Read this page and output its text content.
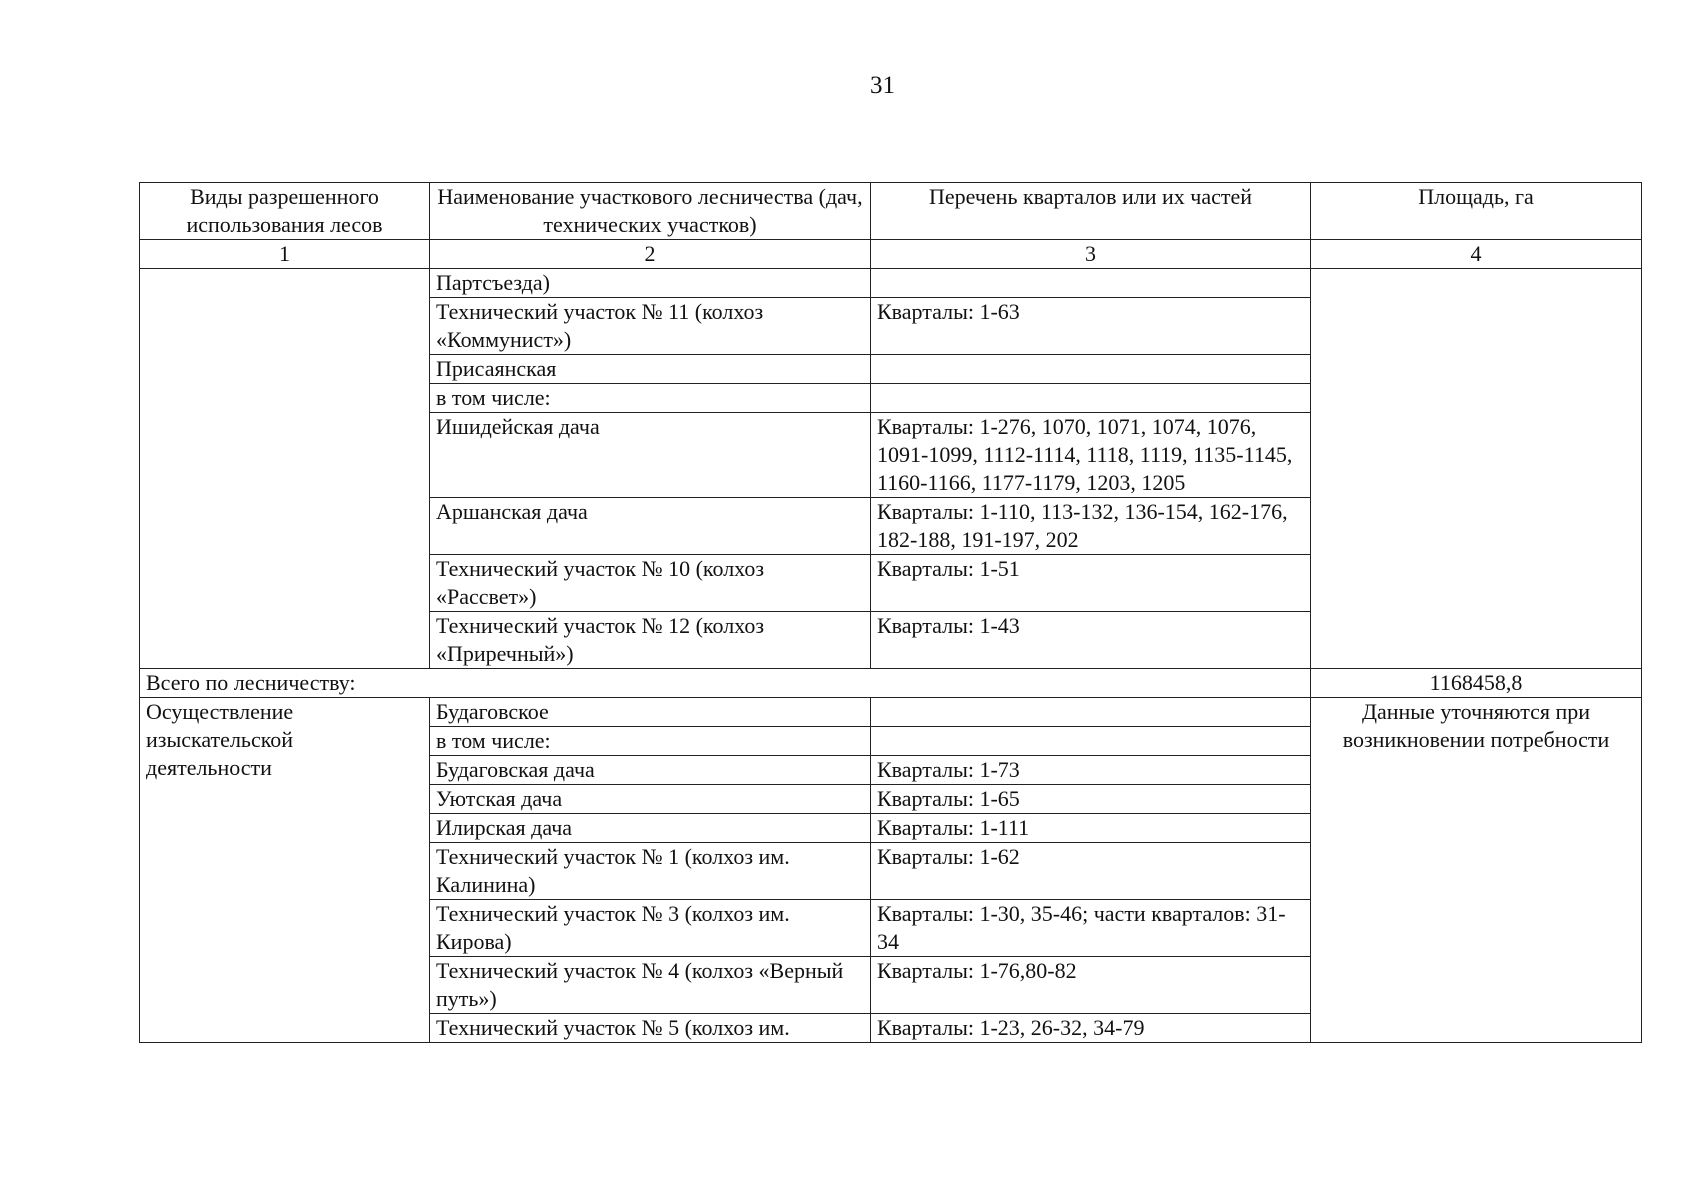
31
Виды разрешенного использования лесов	Наименование участкового лесничества (дач, технических участков)	Перечень кварталов или их частей	Площадь, га
1	2	3	4
	Партсъезда)		
	Технический участок № 11 (колхоз «Коммунист»)	Кварталы: 1-63	
	Присаянская		
	в том числе:		
	Ишидейская дача	Кварталы: 1-276, 1070, 1071, 1074, 1076, 1091-1099, 1112-1114, 1118, 1119, 1135-1145, 1160-1166, 1177-1179, 1203, 1205	
	Аршанская дача	Кварталы: 1-110, 113-132, 136-154, 162-176, 182-188, 191-197, 202	
	Технический участок № 10 (колхоз «Рассвет»)	Кварталы: 1-51	
	Технический участок № 12 (колхоз «Приречный»)	Кварталы: 1-43	
Всего по лесничеству:			1168458,8
Осуществление изыскательской деятельности	Будаговское		Данные уточняются при возникновении потребности
	в том числе:		
	Будаговская дача	Кварталы: 1-73	
	Уютская дача	Кварталы: 1-65	
	Илирская дача	Кварталы: 1-111	
	Технический участок № 1 (колхоз им. Калинина)	Кварталы: 1-62	
	Технический участок № 3 (колхоз им. Кирова)	Кварталы: 1-30, 35-46; части кварталов: 31-34	
	Технический участок № 4 (колхоз «Верный путь»)	Кварталы: 1-76,80-82	
	Технический участок № 5 (колхоз им.	Кварталы: 1-23, 26-32, 34-79	
